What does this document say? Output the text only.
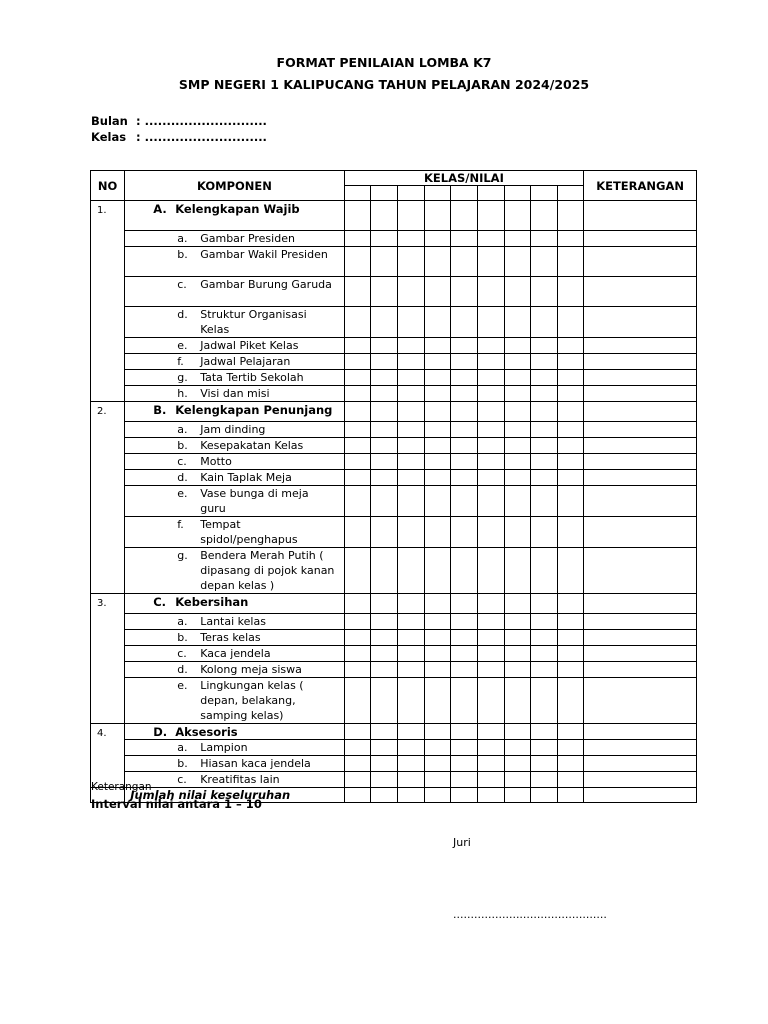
FORMAT PENILAIAN LOMBA K7
SMP NEGERI 1 KALIPUCANG TAHUN PELAJARAN 2024/2025
Bulan : ............................
Kelas : ............................
NO	KOMPONEN	KELAS/NILAI									KETERANGAN

1.	A. Kelengkapan Wajib										
	a. Gambar Presiden										
	b. Gambar Wakil Presiden										
	c. Gambar Burung Garuda										
	d. Struktur Organisasi Kelas										
	e. Jadwal Piket Kelas										
	f. Jadwal Pelajaran										
	g. Tata Tertib Sekolah										
	h. Visi dan misi										
2.	B. Kelengkapan Penunjang										
	a. Jam dinding										
	b. Kesepakatan Kelas										
	c. Motto										
	d. Kain Taplak Meja										
	e. Vase bunga di meja guru										
	f. Tempat spidol/penghapus										
	g. Bendera Merah Putih ( dipasang di pojok kanan depan kelas )										
3.	C. Kebersihan										
	a. Lantai kelas										
	b. Teras kelas										
	c. Kaca jendela										
	d. Kolong meja siswa										
	e. Lingkungan kelas ( depan, belakang, samping kelas)										
4.	D. Aksesoris										
	a. Lampion										
	b. Hiasan kaca jendela										
	c. Kreatifitas lain										
	Jumlah nilai keseluruhan										
Keterangan
Interval nilai antara 1 – 10
Juri
............................................
